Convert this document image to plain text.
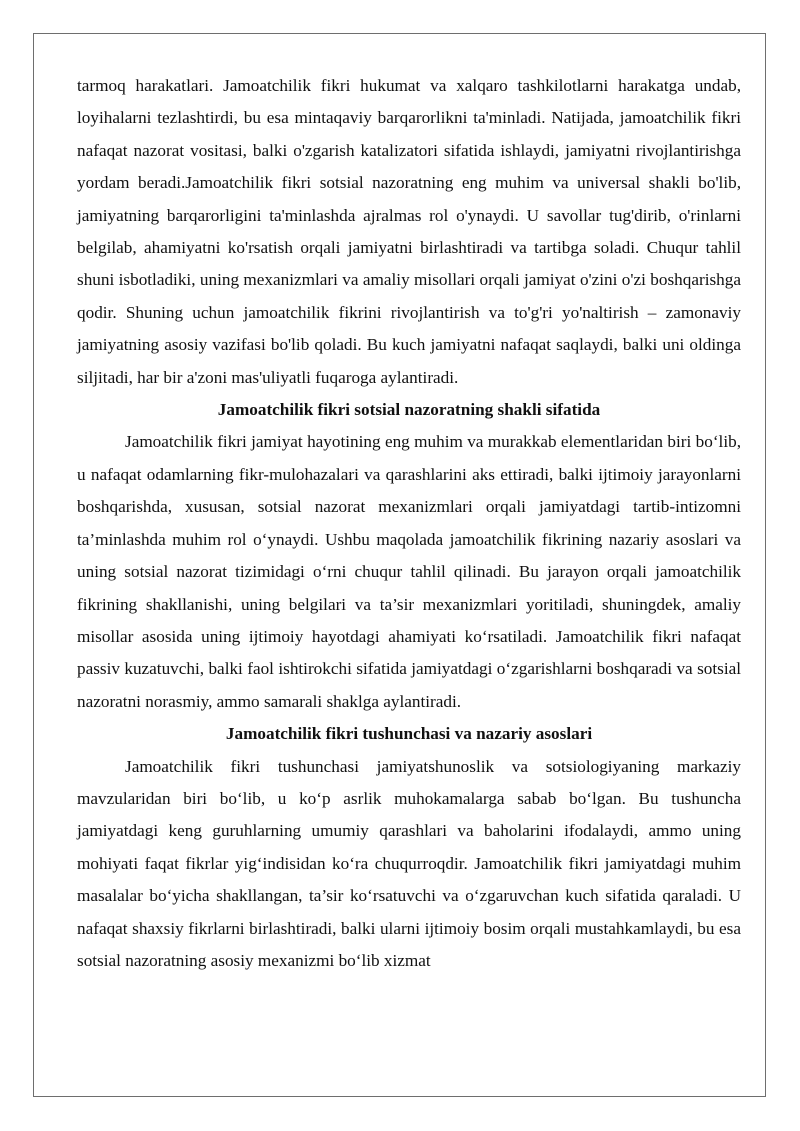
tarmoq harakatlari. Jamoatchilik fikri hukumat va xalqaro tashkilotlarni harakatga undab, loyihalarni tezlashtirdi, bu esa mintaqaviy barqarorlikni ta'minladi. Natijada, jamoatchilik fikri nafaqat nazorat vositasi, balki o'zgarish katalizatori sifatida ishlaydi, jamiyatni rivojlantirishga yordam beradi.Jamoatchilik fikri sotsial nazoratning eng muhim va universal shakli bo'lib, jamiyatning barqarorligini ta'minlashda ajralmas rol o'ynaydi. U savollar tug'dirib, o'rinlarni belgilab, ahamiyatni ko'rsatish orqali jamiyatni birlashtiradi va tartibga soladi. Chuqur tahlil shuni isbotladiki, uning mexanizmlari va amaliy misollari orqali jamiyat o'zini o'zi boshqarishga qodir. Shuning uchun jamoatchilik fikrini rivojlantirish va to'g'ri yo'naltirish – zamonaviy jamiyatning asosiy vazifasi bo'lib qoladi. Bu kuch jamiyatni nafaqat saqlaydi, balki uni oldinga siljitadi, har bir a'zoni mas'uliyatli fuqaroga aylantiradi.

Jamoatchilik fikri sotsial nazoratning shakli sifatida

Jamoatchilik fikri jamiyat hayotining eng muhim va murakkab elementlaridan biri bo‘lib, u nafaqat odamlarning fikr-mulohazalari va qarashlarini aks ettiradi, balki ijtimoiy jarayonlarni boshqarishda, xususan, sotsial nazorat mexanizmlari orqali jamiyatdagi tartib-intizomni ta’minlashda muhim rol o‘ynaydi. Ushbu maqolada jamoatchilik fikrining nazariy asoslari va uning sotsial nazorat tizimidagi o‘rni chuqur tahlil qilinadi. Bu jarayon orqali jamoatchilik fikrining shakllanishi, uning belgilari va ta’sir mexanizmlari yoritiladi, shuningdek, amaliy misollar asosida uning ijtimoiy hayotdagi ahamiyati ko‘rsatiladi. Jamoatchilik fikri nafaqat passiv kuzatuvchi, balki faol ishtirokchi sifatida jamiyatdagi o‘zgarishlarni boshqaradi va sotsial nazoratni norasmiy, ammo samarali shaklga aylantiradi.

Jamoatchilik fikri tushunchasi va nazariy asoslari

Jamoatchilik fikri tushunchasi jamiyatshunoslik va sotsiologiyaning markaziy mavzularidan biri bo‘lib, u ko‘p asrlik muhokamalarga sabab bo‘lgan. Bu tushuncha jamiyatdagi keng guruhlarning umumiy qarashlari va baholarini ifodalaydi, ammo uning mohiyati faqat fikrlar yig‘indisidan ko‘ra chuqurroqdir. Jamoatchilik fikri jamiyatdagi muhim masalalar bo‘yicha shakllangan, ta’sir ko‘rsatuvchi va o‘zgaruvchan kuch sifatida qaraladi. U nafaqat shaxsiy fikrlarni birlashtiradi, balki ularni ijtimoiy bosim orqali mustahkamlaydi, bu esa sotsial nazoratning asosiy mexanizmi bo‘lib xizmat
